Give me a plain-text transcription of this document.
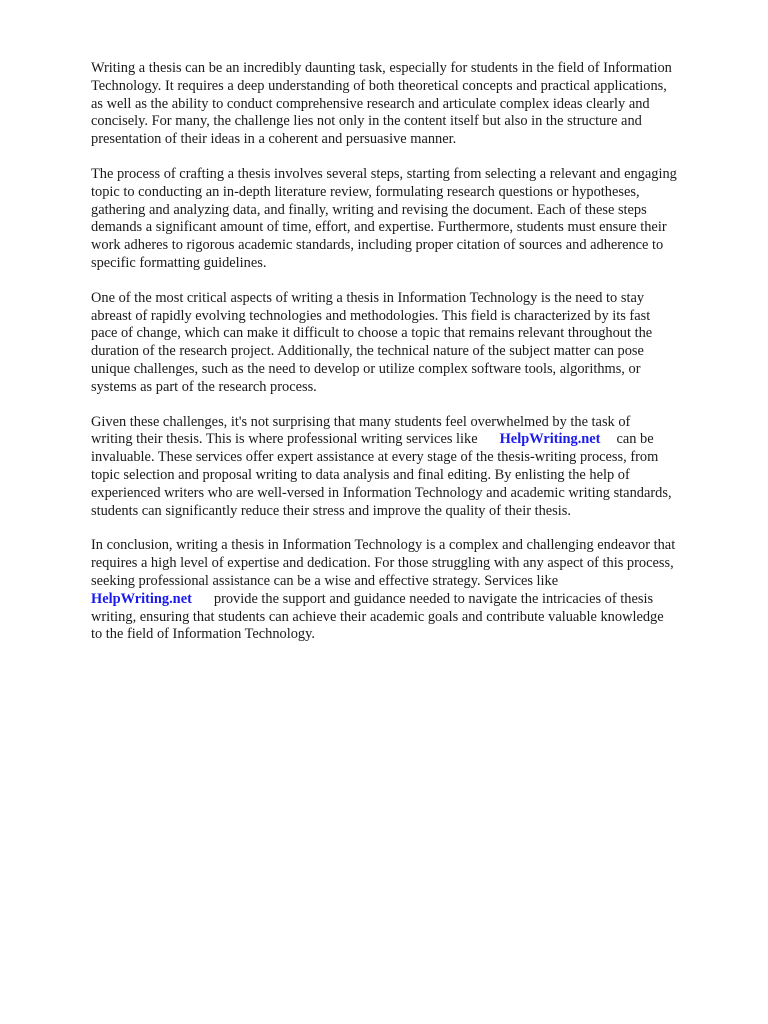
Writing a thesis can be an incredibly daunting task, especially for students in the field of Information
Technology. It requires a deep understanding of both theoretical concepts and practical applications,
as well as the ability to conduct comprehensive research and articulate complex ideas clearly and
concisely. For many, the challenge lies not only in the content itself but also in the structure and
presentation of their ideas in a coherent and persuasive manner.

The process of crafting a thesis involves several steps, starting from selecting a relevant and engaging
topic to conducting an in-depth literature review, formulating research questions or hypotheses,
gathering and analyzing data, and finally, writing and revising the document. Each of these steps
demands a significant amount of time, effort, and expertise. Furthermore, students must ensure their
work adheres to rigorous academic standards, including proper citation of sources and adherence to
specific formatting guidelines.

One of the most critical aspects of writing a thesis in Information Technology is the need to stay
abreast of rapidly evolving technologies and methodologies. This field is characterized by its fast
pace of change, which can make it difficult to choose a topic that remains relevant throughout the
duration of the research project. Additionally, the technical nature of the subject matter can pose
unique challenges, such as the need to develop or utilize complex software tools, algorithms, or
systems as part of the research process.

Given these challenges, it's not surprising that many students feel overwhelmed by the task of
writing their thesis. This is where professional writing services like HelpWriting.net can be
invaluable. These services offer expert assistance at every stage of the thesis-writing process, from
topic selection and proposal writing to data analysis and final editing. By enlisting the help of
experienced writers who are well-versed in Information Technology and academic writing standards,
students can significantly reduce their stress and improve the quality of their thesis.

In conclusion, writing a thesis in Information Technology is a complex and challenging endeavor that
requires a high level of expertise and dedication. For those struggling with any aspect of this process,
seeking professional assistance can be a wise and effective strategy. Services like
HelpWriting.net provide the support and guidance needed to navigate the intricacies of thesis
writing, ensuring that students can achieve their academic goals and contribute valuable knowledge
to the field of Information Technology.
